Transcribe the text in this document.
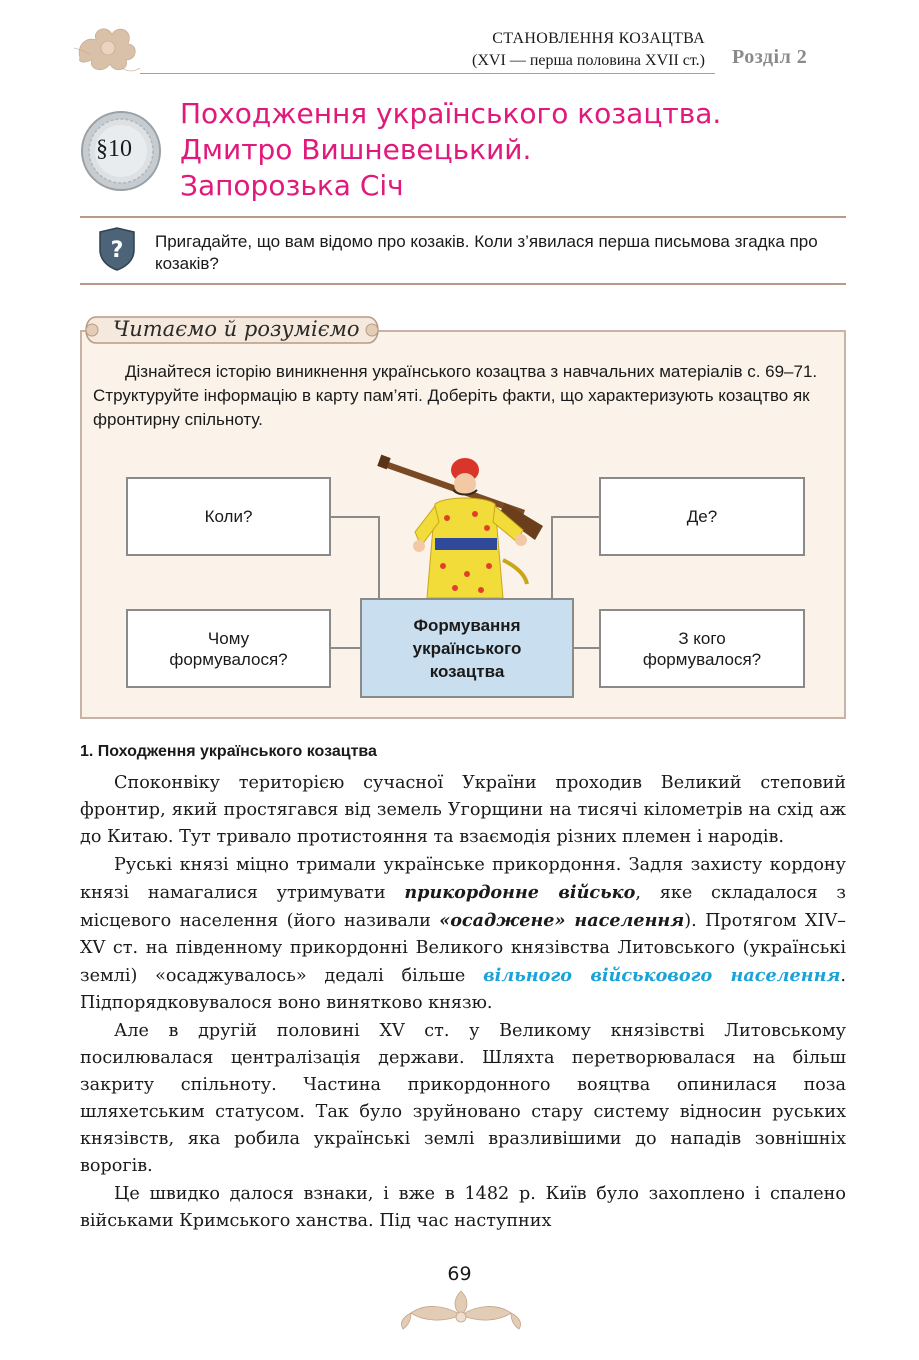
СТАНОВЛЕННЯ КОЗАЦТВА
(XVI — перша половина XVII ст.) Розділ 2
§10
Походження українського козацтва.
Дмитро Вишневецький.
Запорозька Січ
? Пригадайте, що вам відомо про козаків. Коли з’явилася перша письмова згадка про козаків?
Читаємо й розуміємо
Дізнайтеся історію виникнення українського козацтва з навчальних матеріалів с. 69–71. Структуруйте інформацію в карту пам’яті. Доберіть факти, що характеризують козацтво як фронтирну спільноту.
Коли?	Де?
Чому формувалося?
З кого формувалося?
Формування українського козацтва
1. Походження українського козацтва

Споконвіку територією сучасної України проходив Великий степовий фронтир, який простягався від земель Угорщини на тисячі кілометрів на схід аж до Китаю. Тут тривало протистояння та взаємодія різних племен і народів.

Руські князі міцно тримали українське прикордоння. Задля захисту кордону князі намагалися утримувати прикордонне військо, яке складалося з місцевого населення (його називали «осаджене» населення). Протягом XIV–XV ст. на південному прикордонні Великого князівства Литовського (українські землі) «осаджувалось» дедалі більше вільного військового населення. Підпорядковувалося воно винятково князю.

Але в другій половині XV ст. у Великому князівстві Литовському посилювалася централізація держави. Шляхта перетворювалася на більш закриту спільноту. Частина прикордонного вояцтва опинилася поза шляхетським статусом. Так було зруйновано стару систему відносин руських князівств, яка робила українські землі вразливішими до нападів зовнішніх ворогів.

Це швидко далося взнаки, і вже в 1482 р. Київ було захоплено і спалено військами Кримського ханства. Під час наступних

69
